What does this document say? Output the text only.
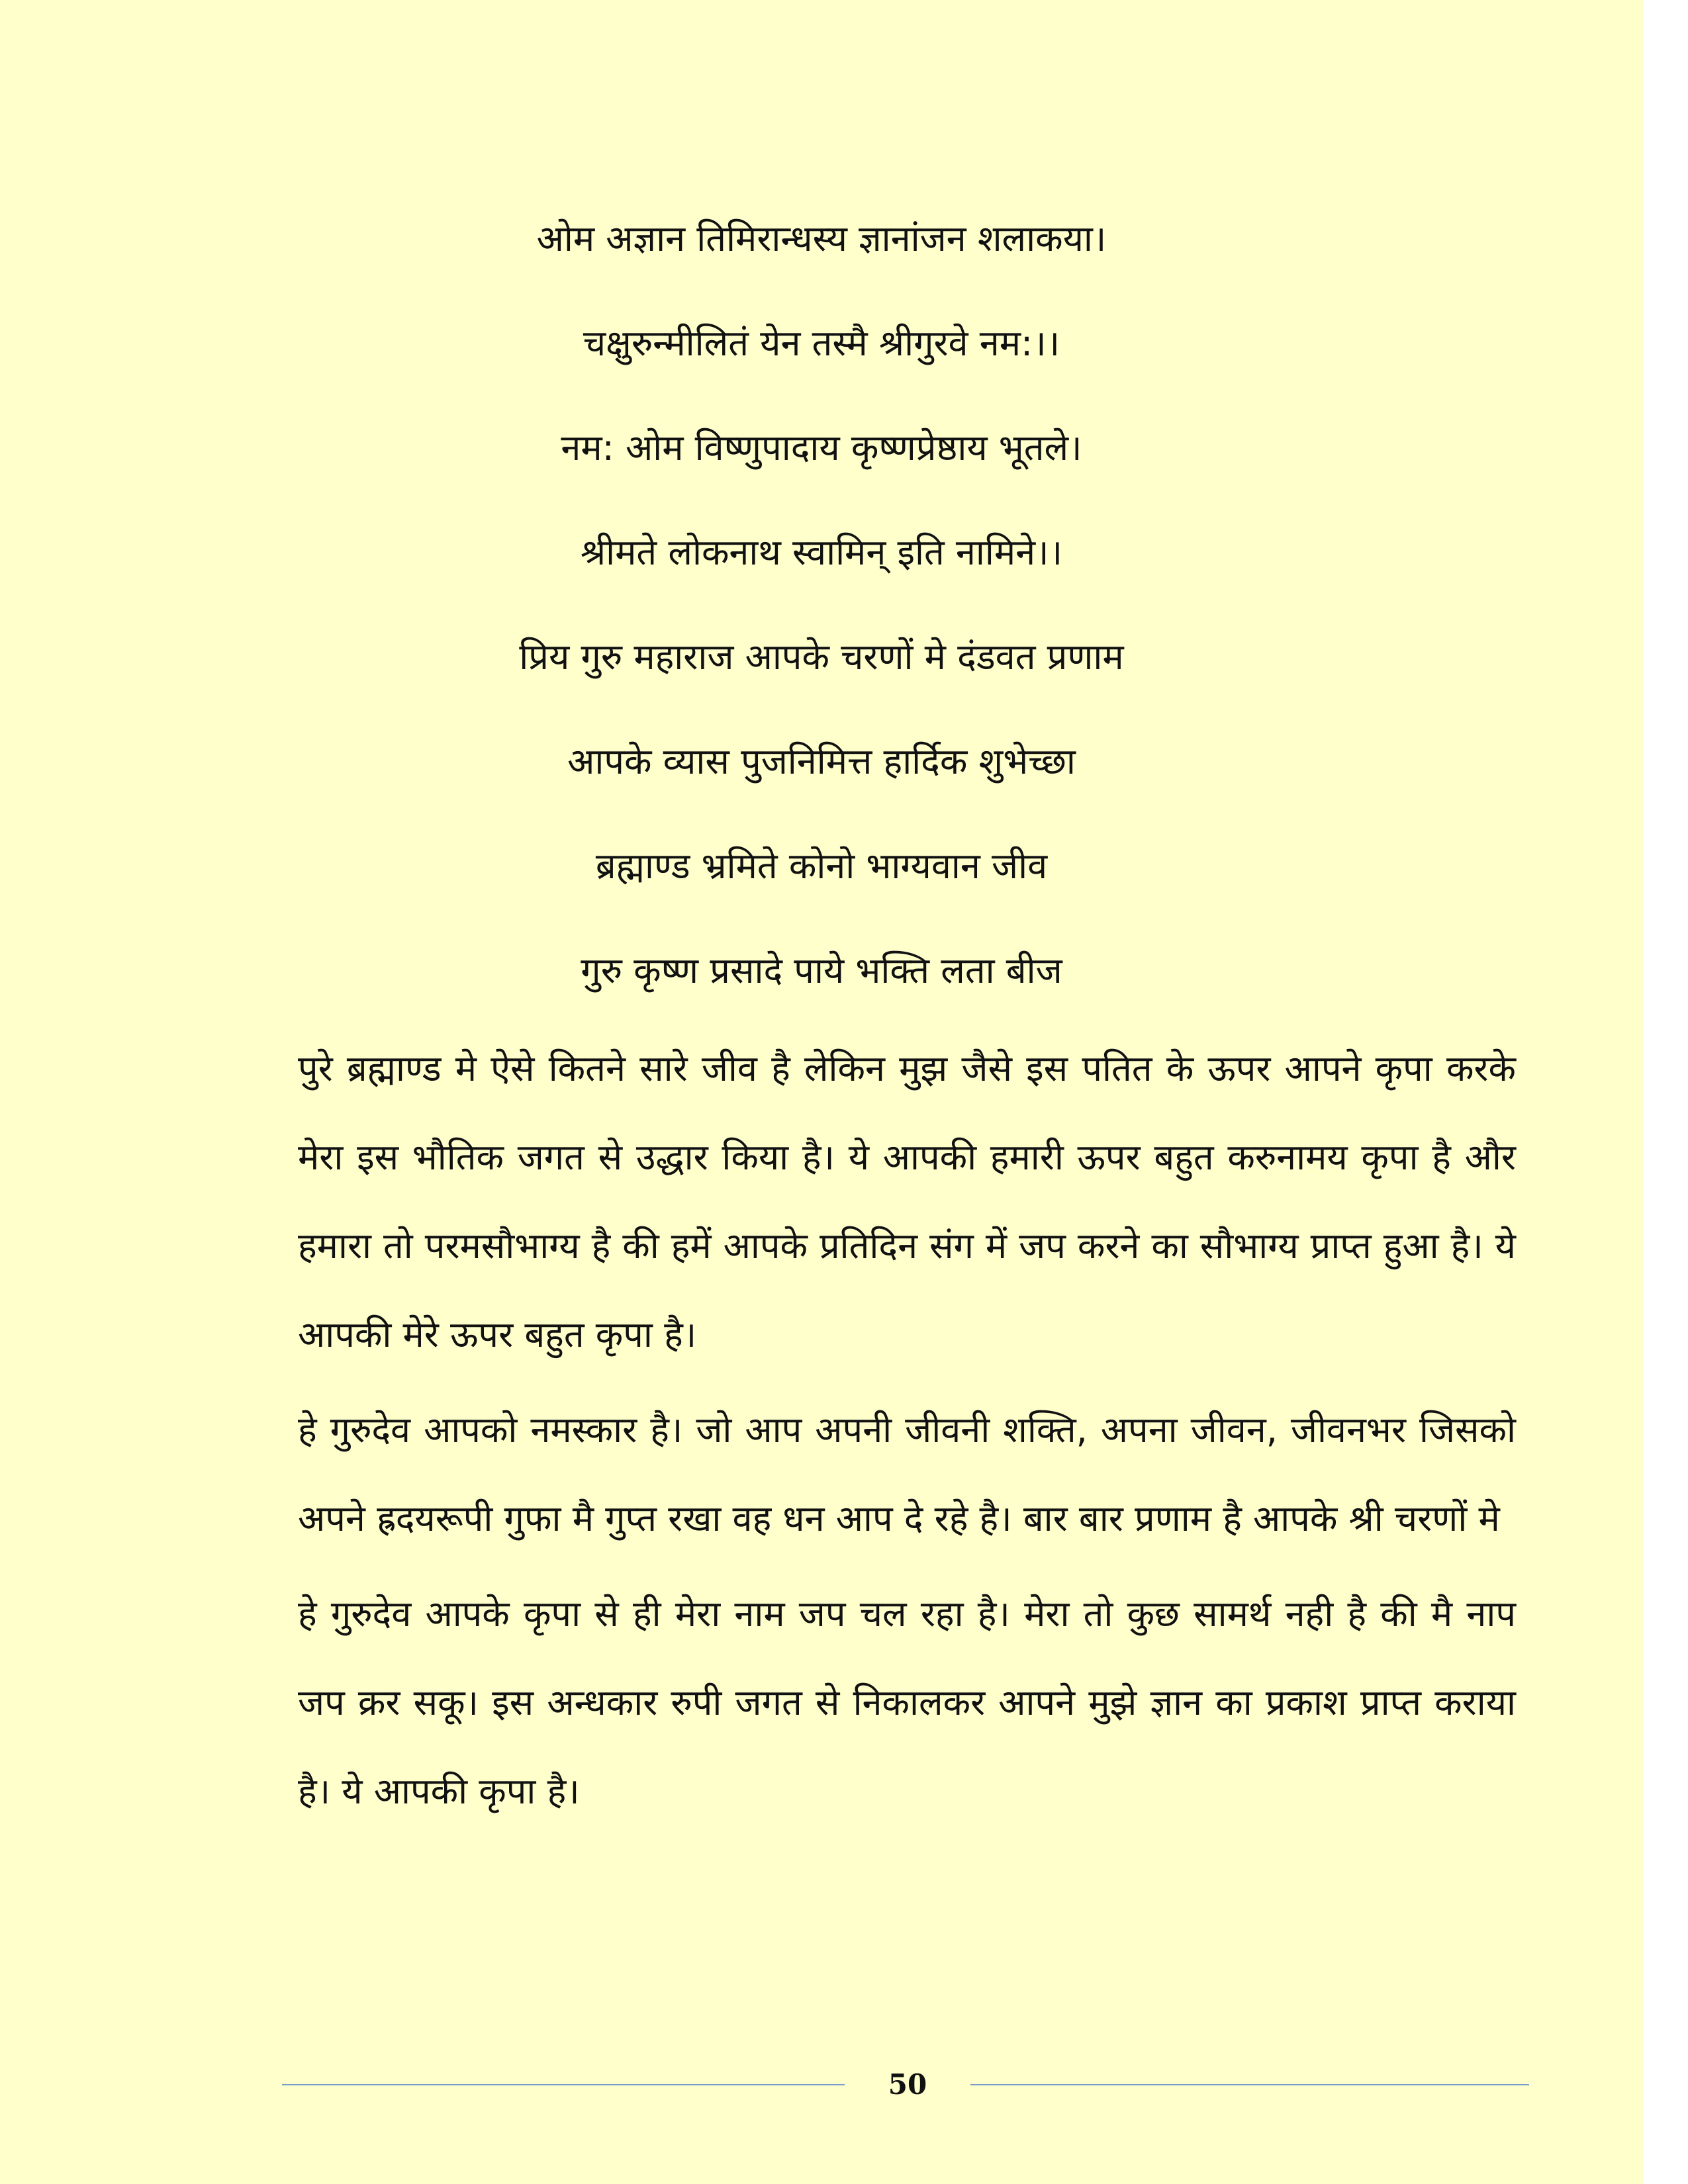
ओम अज्ञान तिमिरान्धस्य ज्ञानांजन शलाकया।
चक्षुरुन्मीलितं येन तस्मै श्रीगुरवे नम:।।
नम: ओम विष्णुपादाय कृष्णप्रेष्ठाय भूतले।
श्रीमते लोकनाथ स्वामिन् इति नामिने।।
प्रिय गुरु महाराज आपके चरणों मे दंडवत प्रणाम
आपके व्यास पुजनिमित्त हार्दिक शुभेच्छा
ब्रह्माण्ड भ्रमिते कोनो भाग्यवान जीव
गुरु कृष्ण प्रसादे पाये भक्ति लता बीज

पुरे ब्रह्माण्ड मे ऐसे कितने सारे जीव है लेकिन मुझ जैसे इस पतित के ऊपर आपने कृपा करके मेरा इस भौतिक जगत से उद्धार किया है। ये आपकी हमारी ऊपर बहुत करुनामय कृपा है और हमारा तो परमसौभाग्य है की हमें आपके प्रतिदिन संग में जप करने का सौभाग्य प्राप्त हुआ है। ये आपकी मेरे ऊपर बहुत कृपा है।

हे गुरुदेव आपको नमस्कार है। जो आप अपनी जीवनी शक्ति, अपना जीवन, जीवनभर जिसको अपने ह्रदयरूपी गुफा मै गुप्त रखा वह धन आप दे रहे है। बार बार प्रणाम है आपके श्री चरणों मे

हे गुरुदेव आपके कृपा से ही मेरा नाम जप चल रहा है। मेरा तो कुछ सामर्थ नही है की मै नाप जप क्रर सकू। इस अन्धकार रुपी जगत से निकालकर आपने मुझे ज्ञान का प्रकाश प्राप्त कराया है। ये आपकी कृपा है।

50
